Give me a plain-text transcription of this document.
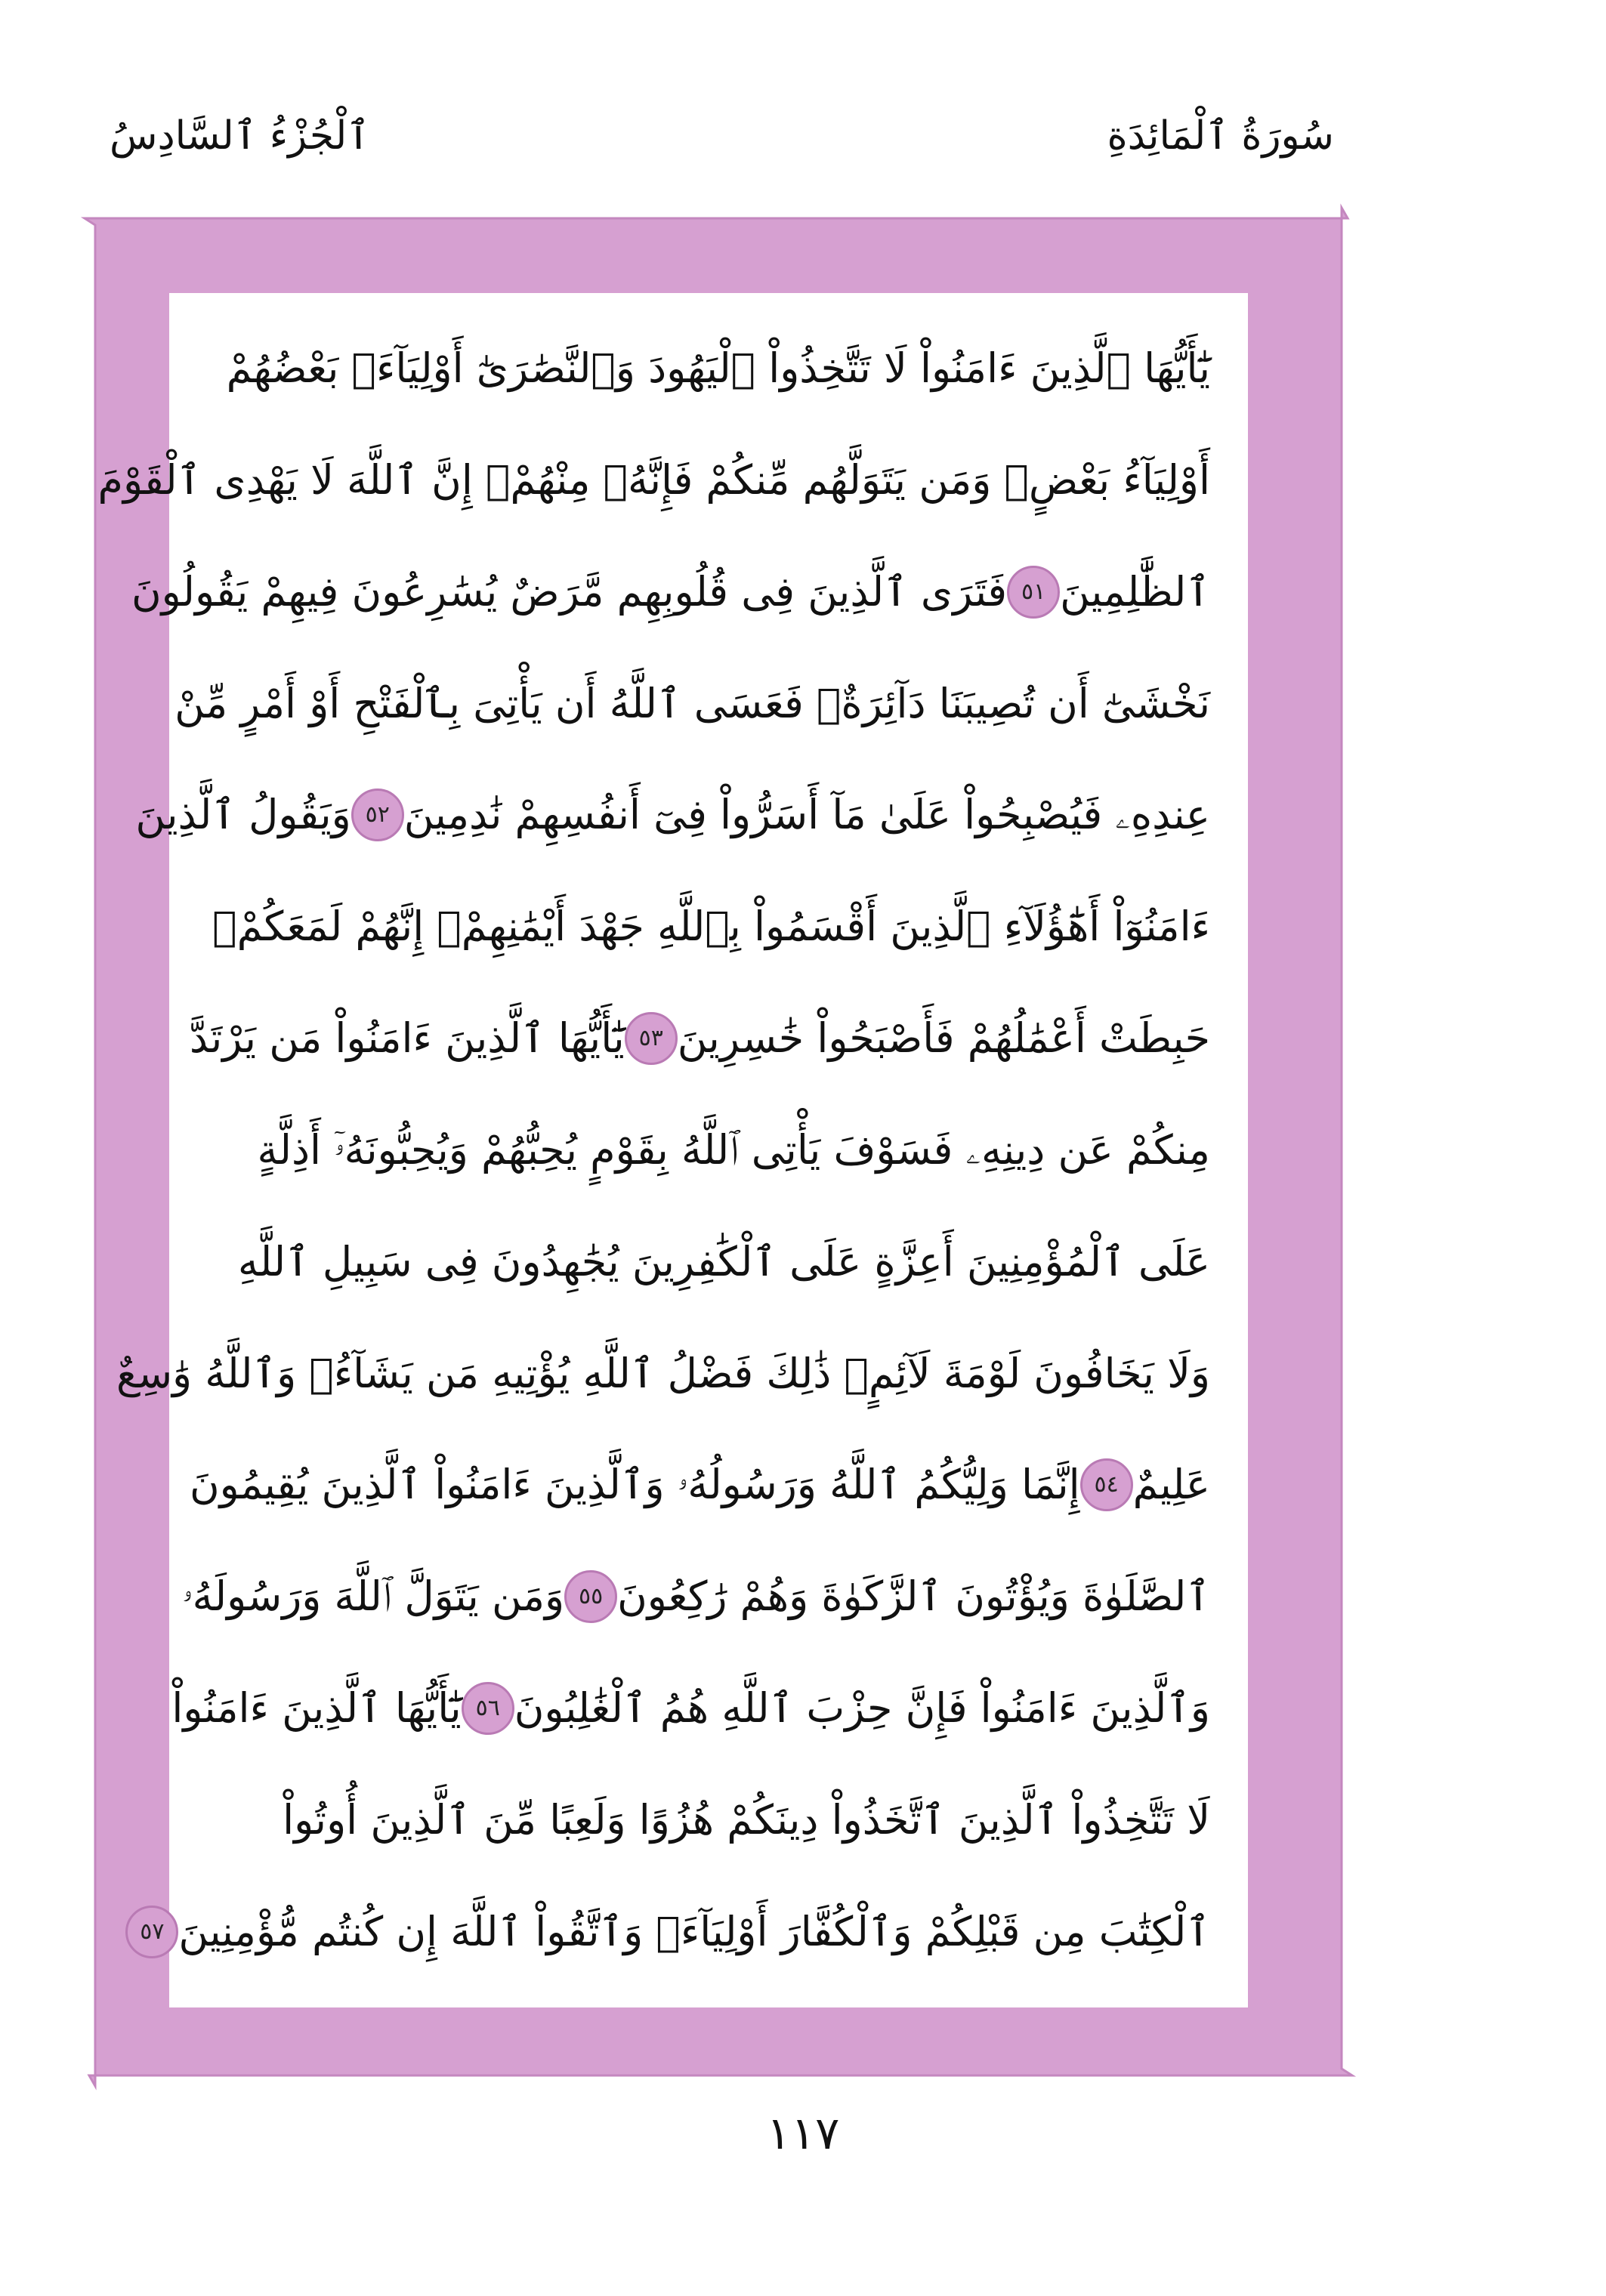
سُورَةُ ٱلْمَائِدَةِ
ٱلْجُزْءُ ٱلسَّادِسُ
يَٰٓأَيُّهَا ٱلَّذِينَ ءَامَنُواْ لَا تَتَّخِذُواْ ٱلْيَهُودَ وَٱلنَّصَٰرَىٰٓ أَوْلِيَآءَۘ بَعْضُهُمْ
أَوْلِيَآءُ بَعْضٍۚ وَمَن يَتَوَلَّهُم مِّنكُمْ فَإِنَّهُۥ مِنْهُمْۗ إِنَّ ٱللَّهَ لَا يَهْدِى ٱلْقَوْمَ
ٱلظَّٰلِمِينَ
٥١
فَتَرَى ٱلَّذِينَ فِى قُلُوبِهِم مَّرَضٌ يُسَٰرِعُونَ فِيهِمْ يَقُولُونَ
نَخْشَىٰٓ أَن تُصِيبَنَا دَآئِرَةٌۚ فَعَسَى ٱللَّهُ أَن يَأْتِىَ بِٱلْفَتْحِ أَوْ أَمْرٍ مِّنْ
عِندِهِۦ فَيُصْبِحُواْ عَلَىٰ مَآ أَسَرُّواْ فِىٓ أَنفُسِهِمْ نَٰدِمِينَ
٥٢
وَيَقُولُ ٱلَّذِينَ
ءَامَنُوٓاْ أَهَٰٓؤُلَآءِ ٱلَّذِينَ أَقْسَمُواْ بِٱللَّهِ جَهْدَ أَيْمَٰنِهِمْۙ إِنَّهُمْ لَمَعَكُمْۚ
حَبِطَتْ أَعْمَٰلُهُمْ فَأَصْبَحُواْ خَٰسِرِينَ
٥٣
يَٰٓأَيُّهَا ٱلَّذِينَ ءَامَنُواْ مَن يَرْتَدَّ
مِنكُمْ عَن دِينِهِۦ فَسَوْفَ يَأْتِى ٱللَّهُ بِقَوْمٍ يُحِبُّهُمْ وَيُحِبُّونَهُۥٓ أَذِلَّةٍ
عَلَى ٱلْمُؤْمِنِينَ أَعِزَّةٍ عَلَى ٱلْكَٰفِرِينَ يُجَٰهِدُونَ فِى سَبِيلِ ٱللَّهِ
وَلَا يَخَافُونَ لَوْمَةَ لَآئِمٍۚ ذَٰلِكَ فَضْلُ ٱللَّهِ يُؤْتِيهِ مَن يَشَآءُۚ وَٱللَّهُ وَٰسِعٌ
عَلِيمٌ
٥٤
إِنَّمَا وَلِيُّكُمُ ٱللَّهُ وَرَسُولُهُۥ وَٱلَّذِينَ ءَامَنُواْ ٱلَّذِينَ يُقِيمُونَ
ٱلصَّلَوٰةَ وَيُؤْتُونَ ٱلزَّكَوٰةَ وَهُمْ رَٰكِعُونَ
٥٥
وَمَن يَتَوَلَّ ٱللَّهَ وَرَسُولَهُۥ
وَٱلَّذِينَ ءَامَنُواْ فَإِنَّ حِزْبَ ٱللَّهِ هُمُ ٱلْغَٰلِبُونَ
٥٦
يَٰٓأَيُّهَا ٱلَّذِينَ ءَامَنُواْ
لَا تَتَّخِذُواْ ٱلَّذِينَ ٱتَّخَذُواْ دِينَكُمْ هُزُوًا وَلَعِبًا مِّنَ ٱلَّذِينَ أُوتُواْ
ٱلْكِتَٰبَ مِن قَبْلِكُمْ وَٱلْكُفَّارَ أَوْلِيَآءَۚ وَٱتَّقُواْ ٱللَّهَ إِن كُنتُم مُّؤْمِنِينَ
٥٧
١١٧
